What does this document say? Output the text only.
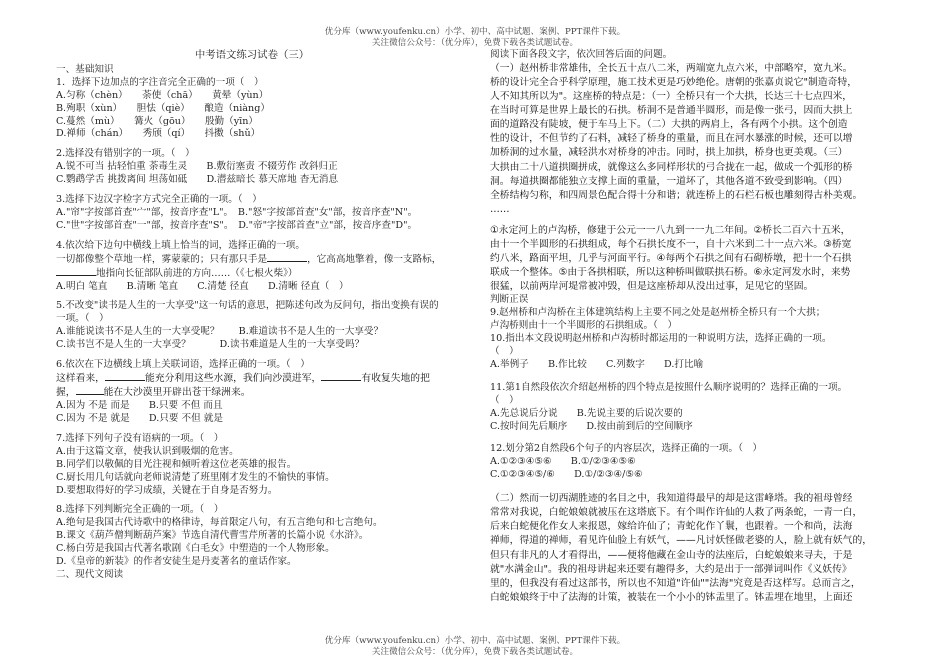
优分库（www.youfenku.cn）小学、初中、高中试题、案例、PPT课件下载。
关注微信公众号：（优分库），免费下载各类试题试卷。
中考语文练习试卷（三）
一、基础知识
1．选择下边加点的字注音完全正确的一项（　）
A.匀称（chèn）　　荼使（chā）　　黄晕（yùn）
B.殉职（xùn）　　胆怯（qiè）　　酿造（niàng）
C.蔓然（mù）　　篝火（gōu）　　殷勤（yīn）
D.禅师（chán）　　秀颀（qí）　　抖擞（shǔ）
2.选择没有错别字的一项。（　）
A.锐不可当 拈轻怕重 荼毒生灵　　B.敷衍塞责 不辍劳作 改斜归正
C.鹦鹉学舌 挑拨离间 坦荡如砥　　D.潜兹暗长 慕天席地 杳无消息
3.选择下边汉字检字方式完全正确的一项。（　）
A."帘"字按部首查"宀"部，按音序查"L"。　B."怒"字按部首查"女"部，按音序查"N"。
C."世"字按部首查"一"部，按音序查"S"。　D."帝"字按部首查"立"部，按音序查"D"。
4.依次给下边句中横线上填上恰当的词，选择正确的一项。
一切都像整个草地一样，雾蒙蒙的；只有那只手是	，它高高地擎着，像一支路标，地指向长征部队前进的方向……（《七根火柴》）
A.明白 笔直　　B.清晰 笔直　　C.清楚 径直　　D.清晰 径直（　）
5.不改变"读书是人生的一大享受"这一句话的意思，把陈述句改为反问句，指出变换有误的一项。（　）
A.谁能说读书不是人生的一大享受呢？　　B.难道读书不是人生的一大享受？
C.读书岂不是人生的一大享受？　　　D.读书难道是人生的一大享受吗？
6.依次在下边横线上填上关联词语，选择正确的一项。（　）
这样看来，	能充分利用这些水源，我们向沙漠进军，	有收复失地的把握，	能在大沙漠里开辟出苍干绿洲来。
A.因为 不是 而是　　B.只要 不但 而且
C.因为 不是 就是　　D.只要 不但 就是
7.选择下列句子没有语病的一项。（　）
A.由于这篇文章，使我认识到吸烟的危害。
B.同学们以敬佩的目光注视和倾听着这位老英雄的报告。
C.厨长用几句话就向老师说清楚了班里刚才发生的不愉快的事情。
D.要想取得好的学习成绩，关键在于自身是否努力。
8.选择下列判断完全正确的一项。（　）
A.绝句是我国古代诗歌中的格律诗，每首限定八句，有五言绝句和七言绝句。
B.课文《葫芦僧判断葫芦案》节选自清代曹雪芹所著的长篇小说《水浒》。
C.杨白劳是我国古代著名歌剧《白毛女》中塑造的一个人物形象。
D.《皇帝的新装》的作者安徒生是丹麦著名的童话作家。
二、现代文阅读
阅读下面各段文字，依次回答后面的问题。
（一）赵州桥非常雄伟，全长五十点八二米，两端宽九点六米，中部略窄，宽九米。
桥的设计完全合乎科学原理，施工技术更是巧妙绝伦。唐朝的张嘉贞说它"制造奇特，
人不知其所以为"。这座桥的特点是：（一）全桥只有一个大拱，长达三十七点四米，
在当时可算是世界上最长的石拱。桥洞不是普通半圆形，而是像一张弓，因而大拱上
面的道路没有陡坡，便于车马上下。（二）大拱的两肩上，各有两个小拱。这个创造
性的设计，不但节约了石料，减轻了桥身的重量，而且在河水暴涨的时候，还可以增
加桥洞的过水量，减轻洪水对桥身的冲击。同时，拱上加拱，桥身也更美观。（三）
大拱由二十八道拱圈拼成，就像这么多同样形状的弓合拢在一起，做成一个弧形的桥
洞。每道拱圈都能独立支撑上面的重量，一道坏了，其他各道不致受到影响。（四）
全桥结构匀称，和四周景色配合得十分和谐；就连桥上的石栏石板也雕刻得古朴美观。
……
①永定河上的卢沟桥，修建于公元一一八九到一一九二年间。②桥长二百六十五米，
由十一个半圆形的石拱组成，每个石拱长度不一，自十六米到二十一点六米。③桥宽
约八米，路面平坦，几乎与河面平行。④每两个石拱之间有石砌桥墩，把十一个石拱
联成一个整体。⑤由于各拱相联，所以这种桥叫做联拱石桥。⑥永定河发水时，来势
很猛，以前两岸河堤常被冲毁，但是这座桥却从没出过事，足见它的坚固。
判断正误
9.赵州桥和卢沟桥在主体建筑结构上主要不同之处是赵州桥全桥只有一个大拱；
卢沟桥则由十一个半圆形的石拱组成。（　）
10.指出本文段说明赵州桥和卢沟桥时都运用的一种说明方法，选择正确的一项。
（　）
A.举例子　　B.作比较　　C.列数字　　D.打比喻
11.第1自然段依次介绍赵州桥的四个特点是按照什么顺序说明的？选择正确的一项。
（　）
A.先总说后分说　　B.先说主要的后说次要的
C.按时间先后顺序　　D.按由前到后的空间顺序
12.划分第2自然段6个句子的内容层次，选择正确的一项。（　）
A.①②③④⑤⑥　　B.①/②③④⑤⑥
C.①②③④⑤/⑥　　D.①/②③④/⑤⑥
（二）然而一切西湖胜迹的名目之中，我知道得最早的却是这雷峰塔。我的祖母曾经
常常对我说，白蛇娘娘就被压在这塔底下。有个叫作许仙的人救了两条蛇，一青一白，
后来白蛇便化作女人来报恩，嫁给许仙了；青蛇化作丫鬟，也跟着。一个和尚，法海
禅师，得道的禅师，看见许仙脸上有妖气，——凡讨妖怪做老婆的人，脸上就有妖气的，
但只有非凡的人才看得出，——便将他藏在金山寺的法座后，白蛇娘娘来寻夫，于是
就"水满金山"。我的祖母讲起来还要有趣得多，大约是出于一部弹词叫作《义妖传》
里的，但我没有看过这部书，所以也不知道"许仙""法海"究竟是否这样写。总而言之，
白蛇娘娘终于中了法海的计策，被装在一个小小的钵盂里了。钵盂埋在地里，上面还
优分库（www.youfenku.cn）小学、初中、高中试题、案例、PPT课件下载。
关注微信公众号：（优分库），免费下载各类试题试卷。
